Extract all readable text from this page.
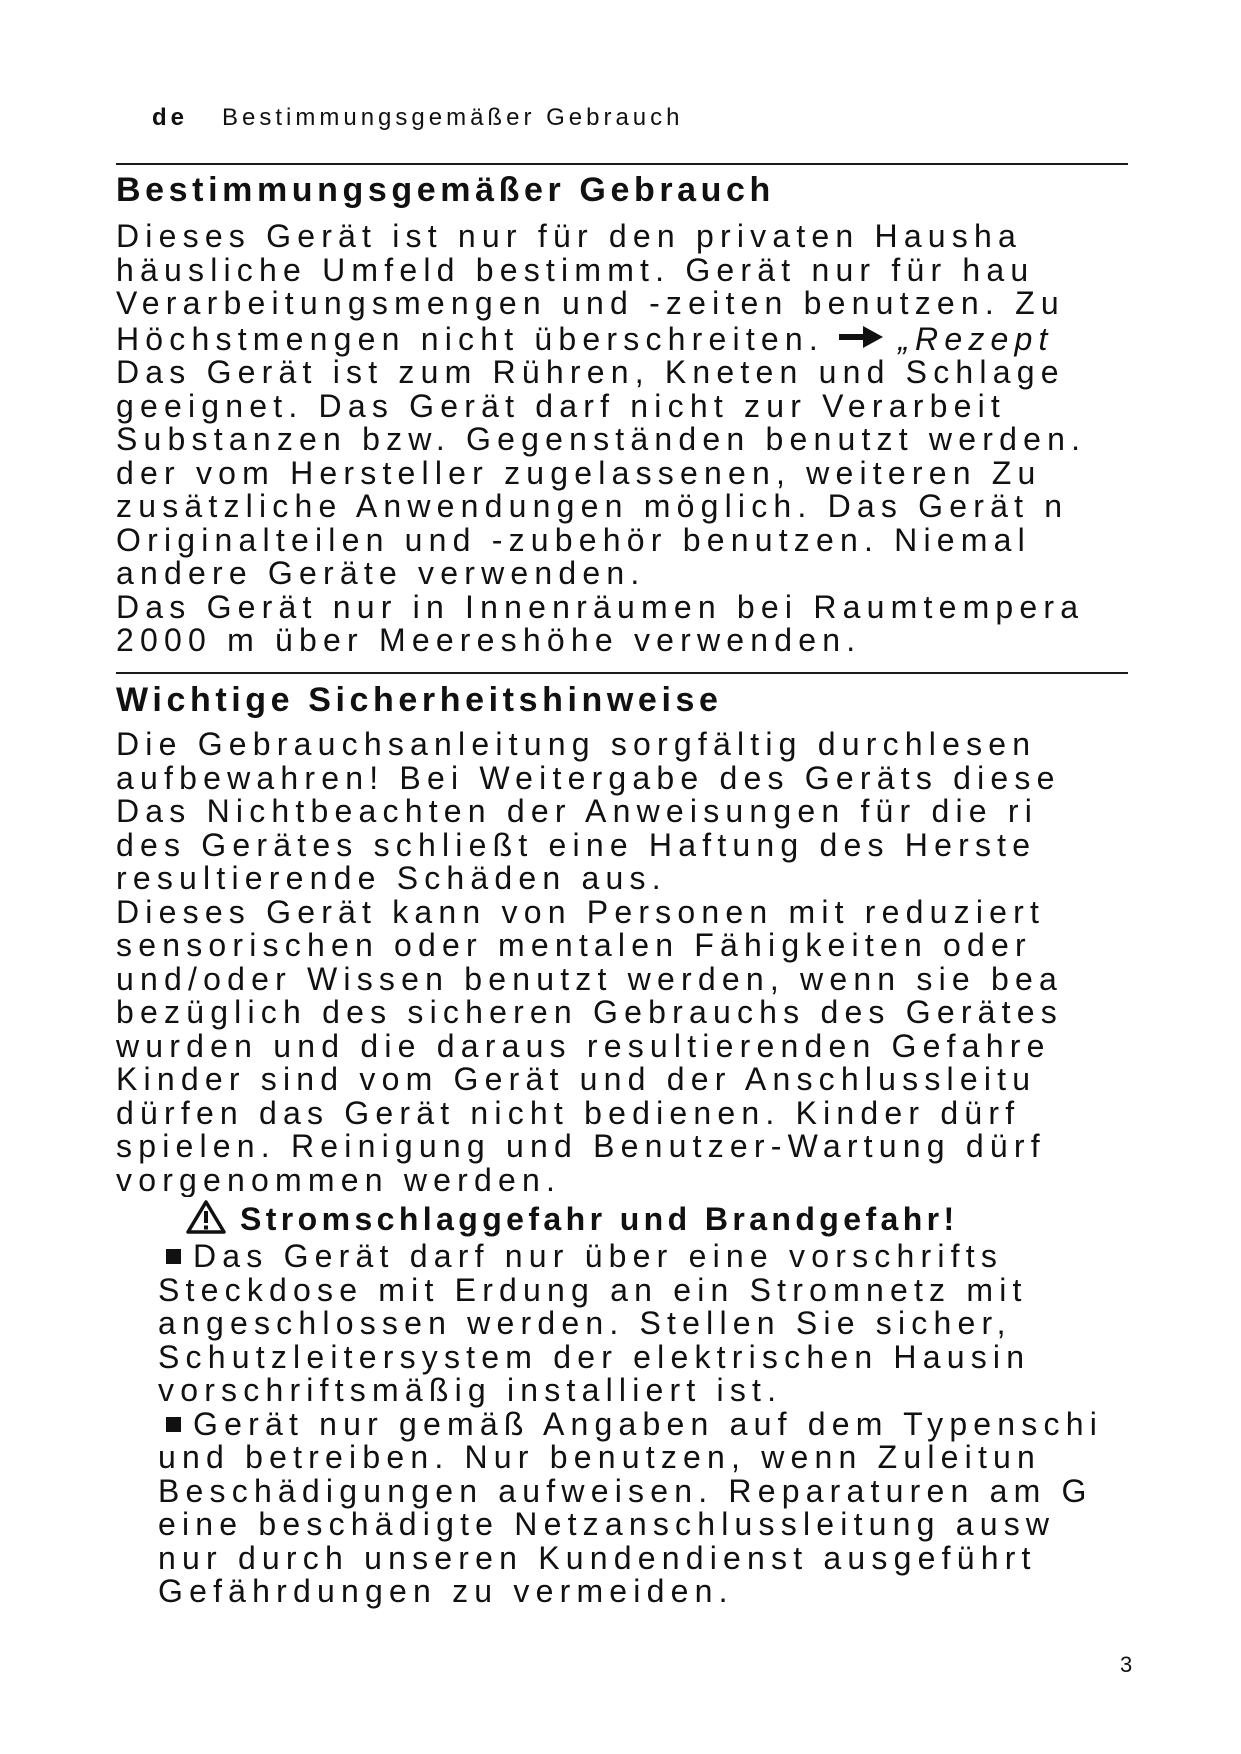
de Bestimmungsgemäßer Gebrauch
Bestimmungsgemäßer Gebrauch

Dieses Gerät ist nur für den privaten Hausha

häusliche Umfeld bestimmt. Gerät nur für hau

Verarbeitungsmengen und -zeiten benutzen. Zu

Höchstmengen nicht überschreiten. „Rezept

Das Gerät ist zum Rühren, Kneten und Schlage

geeignet. Das Gerät darf nicht zur Verarbeit

Substanzen bzw. Gegenständen benutzt werden.

der vom Hersteller zugelassenen, weiteren Zu

zusätzliche Anwendungen möglich. Das Gerät n

Originalteilen und -zubehör benutzen. Niemal

andere Geräte verwenden.

Das Gerät nur in Innenräumen bei Raumtempera

2000 m über Meereshöhe verwenden.

Wichtige Sicherheitshinweise

Die Gebrauchsanleitung sorgfältig durchlesen

aufbewahren! Bei Weitergabe des Geräts diese

Das Nichtbeachten der Anweisungen für die ri

des Gerätes schließt eine Haftung des Herste

resultierende Schäden aus.

Dieses Gerät kann von Personen mit reduziert

sensorischen oder mentalen Fähigkeiten oder

und/oder Wissen benutzt werden, wenn sie bea

bezüglich des sicheren Gebrauchs des Gerätes

wurden und die daraus resultierenden Gefahre

Kinder sind vom Gerät und der Anschlussleitu

dürfen das Gerät nicht bedienen. Kinder dürf

spielen. Reinigung und Benutzer-Wartung dürf

vorgenommen werden.

Stromschlaggefahr und Brandgefahr!

Das Gerät darf nur über eine vorschrifts

Steckdose mit Erdung an ein Stromnetz mit

angeschlossen werden. Stellen Sie sicher,

Schutzleitersystem der elektrischen Hausin

vorschriftsmäßig installiert ist.

Gerät nur gemäß Angaben auf dem Typenschi

und betreiben. Nur benutzen, wenn Zuleitun

Beschädigungen aufweisen. Reparaturen am G

eine beschädigte Netzanschlussleitung ausw

nur durch unseren Kundendienst ausgeführt

Gefährdungen zu vermeiden.

3
